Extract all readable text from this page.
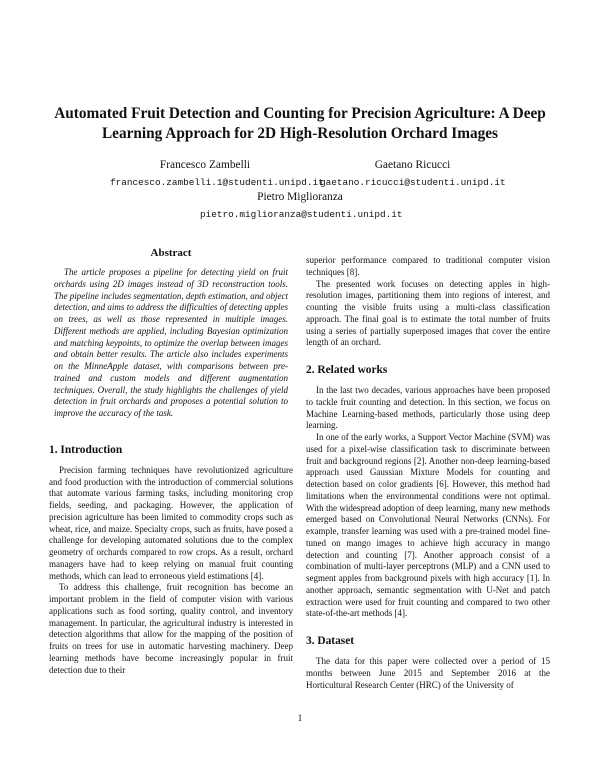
Automated Fruit Detection and Counting for Precision Agriculture: A Deep
Learning Approach for 2D High-Resolution Orchard Images
Francesco Zambelli
francesco.zambelli.1@studenti.unipd.it
Gaetano Ricucci
gaetano.ricucci@studenti.unipd.it
Pietro Miglioranza
pietro.miglioranza@studenti.unipd.it
Abstract

The article proposes a pipeline for detecting yield on fruit orchards using 2D images instead of 3D reconstruction tools. The pipeline includes segmentation, depth estimation, and object detection, and aims to address the difficulties of detecting apples on trees, as well as those represented in multiple images. Different methods are applied, including Bayesian optimization and matching keypoints, to optimize the overlap between images and obtain better results. The article also includes experiments on the MinneApple dataset, with comparisons between pre-trained and custom models and different augmentation techniques. Overall, the study highlights the challenges of yield detection in fruit orchards and proposes a potential solution to improve the accuracy of the task.

1. Introduction

Precision farming techniques have revolutionized agriculture and food production with the introduction of commercial solutions that automate various farming tasks, including monitoring crop fields, seeding, and packaging. However, the application of precision agriculture has been limited to commodity crops such as wheat, rice, and maize. Specialty crops, such as fruits, have posed a challenge for developing automated solutions due to the complex geometry of orchards compared to row crops. As a result, orchard managers have had to keep relying on manual fruit counting methods, which can lead to erroneous yield estimations [4].

To address this challenge, fruit recognition has become an important problem in the field of computer vision with various applications such as food sorting, quality control, and inventory management. In particular, the agricultural industry is interested in detection algorithms that allow for the mapping of the position of fruits on trees for use in automatic harvesting machinery. Deep learning methods have become increasingly popular in fruit detection due to their

superior performance compared to traditional computer vision techniques [8].

The presented work focuses on detecting apples in high-resolution images, partitioning them into regions of interest, and counting the visible fruits using a multi-class classification approach. The final goal is to estimate the total number of fruits using a series of partially superposed images that cover the entire length of an orchard.

2. Related works

In the last two decades, various approaches have been proposed to tackle fruit counting and detection. In this section, we focus on Machine Learning-based methods, particularly those using deep learning.

In one of the early works, a Support Vector Machine (SVM) was used for a pixel-wise classification task to discriminate between fruit and background regions [2]. Another non-deep learning-based approach used Gaussian Mixture Models for counting and detection based on color gradients [6]. However, this method had limitations when the environmental conditions were not optimal. With the widespread adoption of deep learning, many new methods emerged based on Convolutional Neural Networks (CNNs). For example, transfer learning was used with a pre-trained model fine-tuned on mango images to achieve high accuracy in mango detection and counting [7]. Another approach consist of a combination of multi-layer perceptrons (MLP) and a CNN used to segment apples from background pixels with high accuracy [1]. In another approach, semantic segmentation with U-Net and patch extraction were used for fruit counting and compared to two other state-of-the-art methods [4].

3. Dataset

The data for this paper were collected over a period of 15 months between June 2015 and September 2016 at the Horticultural Research Center (HRC) of the University of

1
